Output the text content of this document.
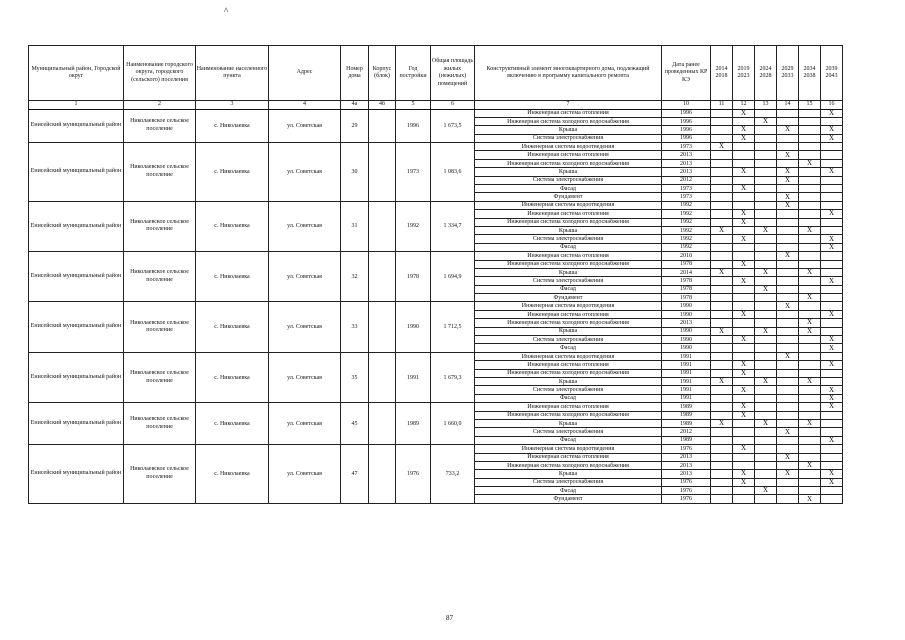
^
Муниципальный район, Городской округ	Наименование городского округа, городского (сельского) поселения	Наименование населенного пункта	Адрес	Номер дома	Корпус (блок)	Год постройки	Общая площадь жилых (нежилых) помещений	Конструктивный элемент многоквартирного дома, подлежащий включению в программу капитального ремонта	Дата ранее проведенных КР КЭ	2014 2018	2019 2023	2024 2028	2029 2033	2034 2038	2039 2043
1	2	3	4	4а	4б	5	6	7	10	11	12	13	14	15	16
Енисейский муниципальный район	Николаевское сельское поселение	с. Николаевка	ул. Советская	29		1996	1 673,5	Инженерная система отопления	1996		X				X
								Инженерная система холодного водоснабжения	1996			X			
								Крыша	1996		X		X		X
								Система электроснабжения	1996		X				X
Енисейский муниципальный район	Николаевское сельское поселение	с. Николаевка	ул. Советская	30		1973	1 083,6	Инженерная система водоотведения	1973	X					
								Инженерная система отопления	2013				X		
								Инженерная система холодного водоснабжения	2013					X	
								Крыша	2013		X		X		X
								Система электроснабжения	2012				X		
								Фасад	1973		X				
								Фундамент	1973				X		
Енисейский муниципальный район	Николаевское сельское поселение	с. Николаевка	ул. Советская	31		1992	1 334,7	Инженерная система водоотведения	1992				X		
								Инженерная система отопления	1992		X				X
								Инженерная система холодного водоснабжения	1992		X				
								Крыша	1992	X		X		X	
								Система электроснабжения	1992		X				X
								Фасад	1992						X
Енисейский муниципальный район	Николаевское сельское поселение	с. Николаевка	ул. Советская	32		1978	1 694,9	Инженерная система отопления	2010				X		
								Инженерная система холодного водоснабжения	1978		X				
								Крыша	2014	X		X		X	
								Система электроснабжения	1978		X				X
								Фасад	1978			X			
								Фундамент	1978					X	
Енисейский муниципальный район	Николаевское сельское поселение	с. Николаевка	ул. Советская	33		1990	1 712,5	Инженерная система водоотведения	1990				X		
								Инженерная система отопления	1990		X				X
								Инженерная система холодного водоснабжения	2013					X	
								Крыша	1990	X		X		X	
								Система электроснабжения	1990		X				X
								Фасад	1990						X
Енисейский муниципальный район	Николаевское сельское поселение	с. Николаевка	ул. Советская	35		1991	1 679,3	Инженерная система водоотведения	1991				X		
								Инженерная система отопления	1991		X				X
								Инженерная система холодного водоснабжения	1991		X				
								Крыша	1991	X		X		X	
								Система электроснабжения	1991		X				X
								Фасад	1991						X
Енисейский муниципальный район	Николаевское сельское поселение	с. Николаевка	ул. Советская	45		1989	1 660,0	Инженерная система отопления	1989		X				X
								Инженерная система холодного водоснабжения	1989		X				
								Крыша	1989	X		X		X	
								Система электроснабжения	2012				X		
								Фасад	1989						X
Енисейский муниципальный район	Николаевское сельское поселение	с. Николаевка	ул. Советская	47		1976	733,2	Инженерная система водоотведения	1976		X				
								Инженерная система отопления	2013				X		
								Инженерная система холодного водоснабжения	2013					X	
								Крыша	2013		X		X		X
								Система электроснабжения	1976		X				X
								Фасад	1976			X			
								Фундамент	1976					X	
87
